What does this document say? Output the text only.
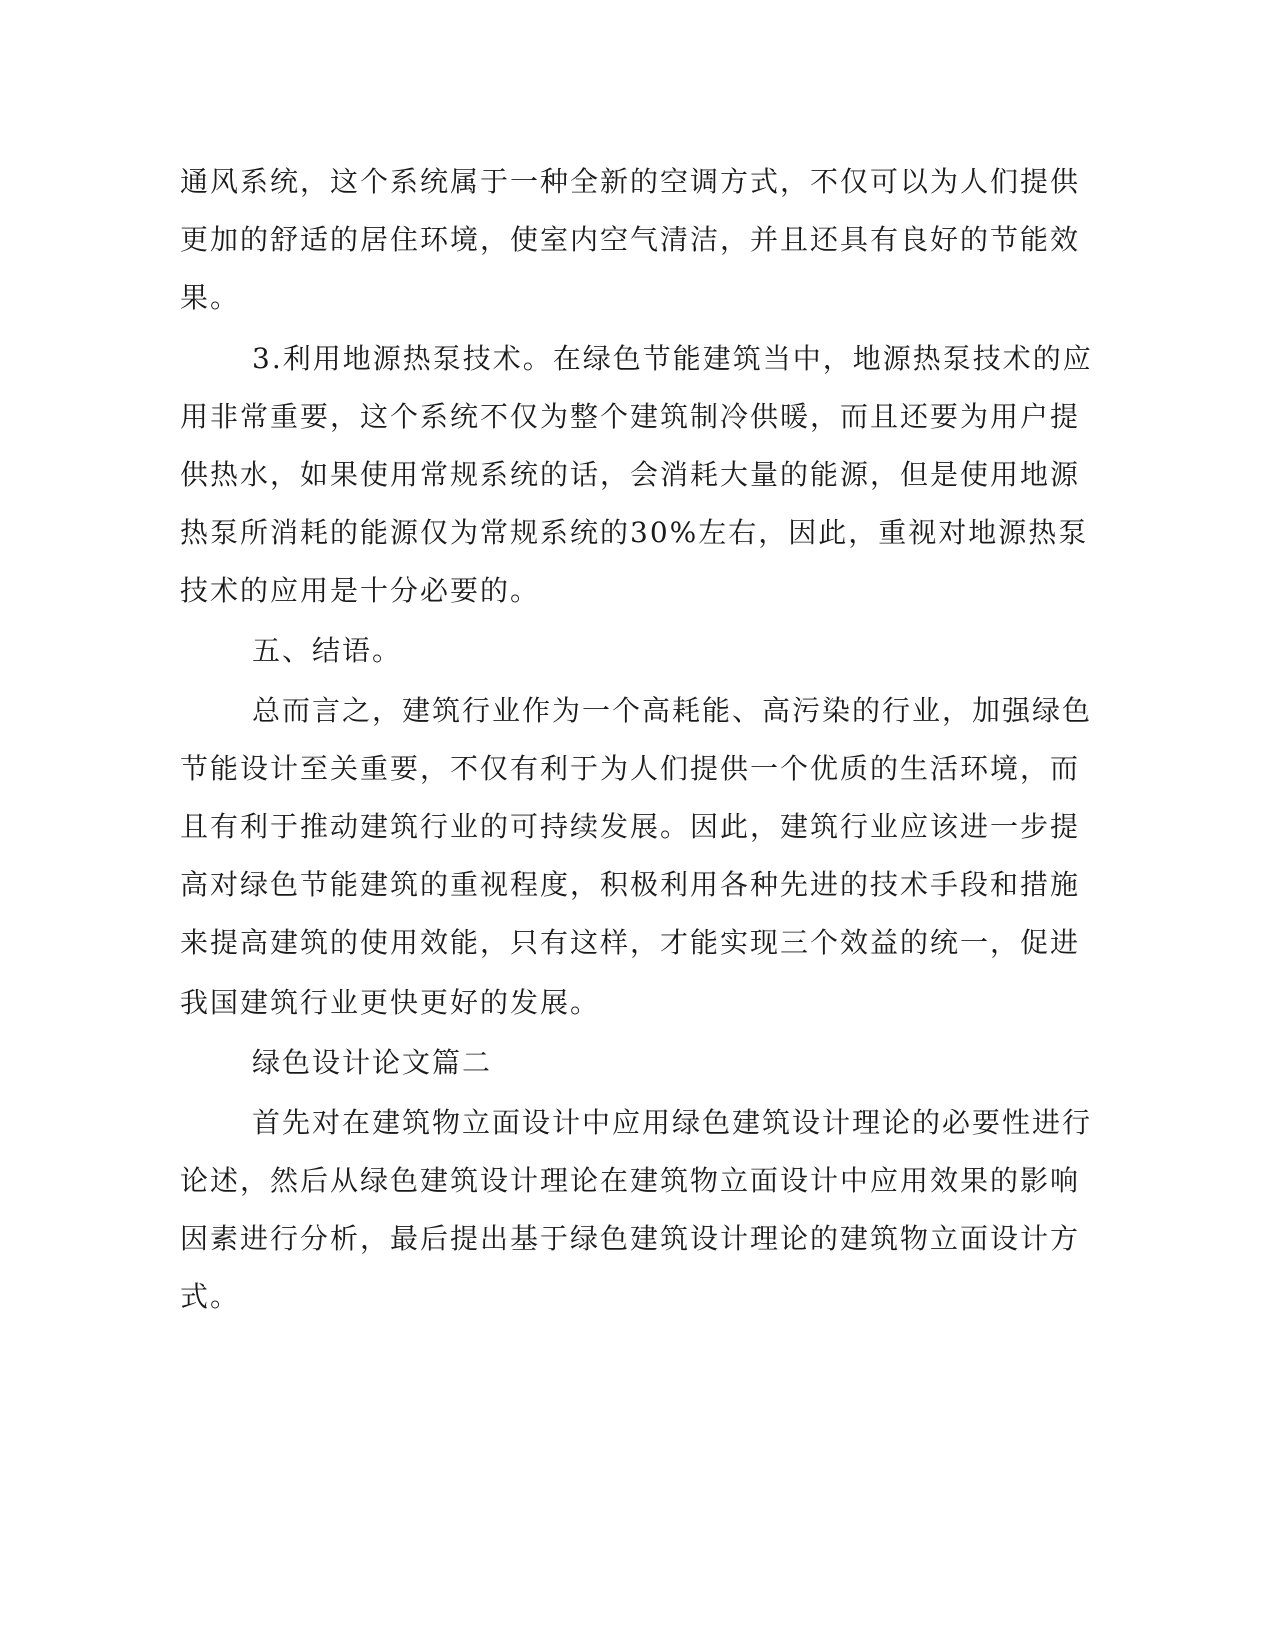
通风系统，这个系统属于一种全新的空调方式，不仅可以为人们提供

更加的舒适的居住环境，使室内空气清洁，并且还具有良好的节能效

果。

3.利用地源热泵技术。在绿色节能建筑当中，地源热泵技术的应

用非常重要，这个系统不仅为整个建筑制冷供暖，而且还要为用户提

供热水，如果使用常规系统的话，会消耗大量的能源，但是使用地源

热泵所消耗的能源仅为常规系统的30%左右，因此，重视对地源热泵

技术的应用是十分必要的。

五、结语。

总而言之，建筑行业作为一个高耗能、高污染的行业，加强绿色

节能设计至关重要，不仅有利于为人们提供一个优质的生活环境，而

且有利于推动建筑行业的可持续发展。因此，建筑行业应该进一步提

高对绿色节能建筑的重视程度，积极利用各种先进的技术手段和措施

来提高建筑的使用效能，只有这样，才能实现三个效益的统一，促进

我国建筑行业更快更好的发展。

绿色设计论文篇二

首先对在建筑物立面设计中应用绿色建筑设计理论的必要性进行

论述，然后从绿色建筑设计理论在建筑物立面设计中应用效果的影响

因素进行分析，最后提出基于绿色建筑设计理论的建筑物立面设计方

式。
